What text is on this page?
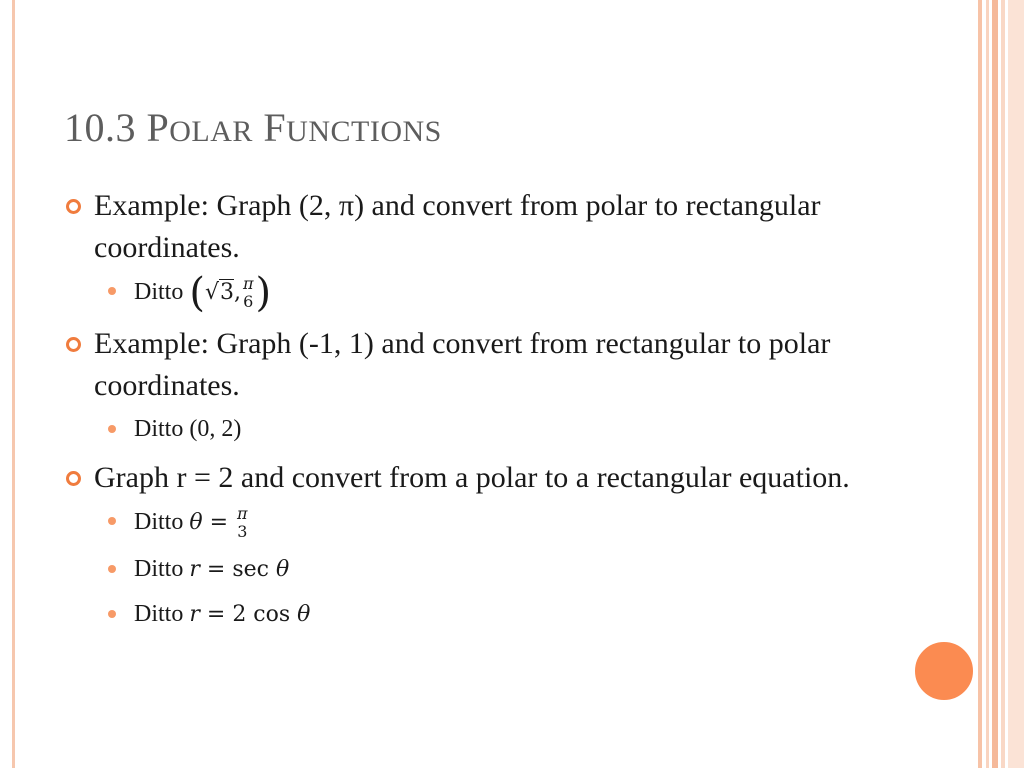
10.3 POLAR FUNCTIONS
Example: Graph (2, π) and convert from polar to rectangular coordinates.
Ditto (√3, π
6 )
Example: Graph (-1, 1) and convert from rectangular to polar coordinates.
Ditto (0, 2)
Graph r = 2 and convert from a polar to a rectangular equation.
Ditto θ = π
3
Ditto r = sec θ
Ditto r = 2 cos θ
